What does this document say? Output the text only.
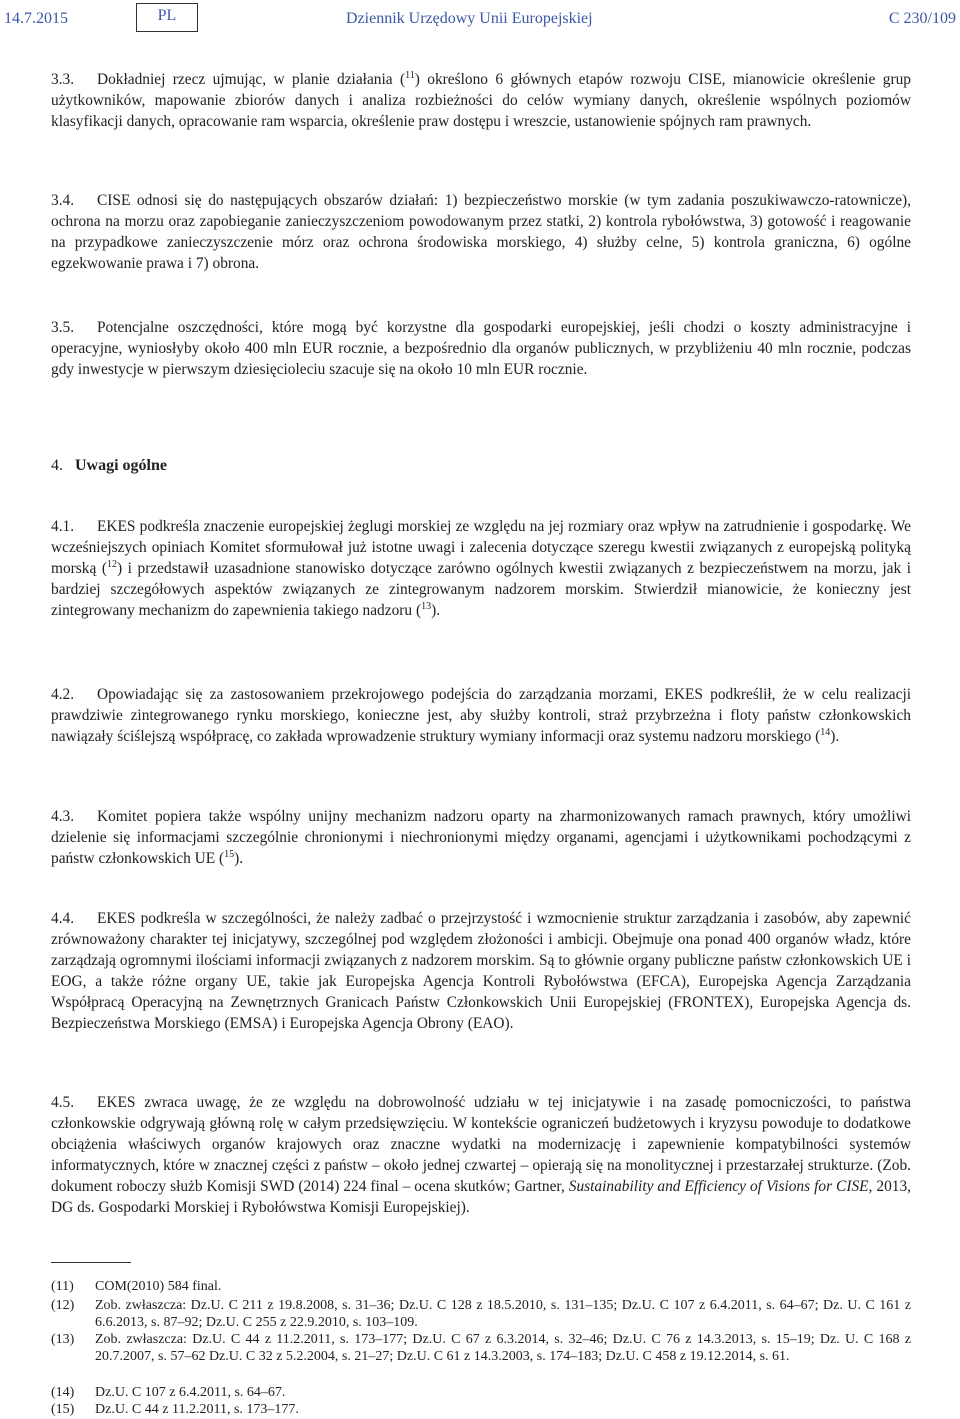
14.7.2015	PL	Dziennik Urzędowy Unii Europejskiej	C 230/109

3.3. Dokładniej rzecz ujmując, w planie działania ($^{11}$) określono 6 głównych etapów rozwoju CISE, mianowicie określenie grup użytkowników, mapowanie zbiorów danych i analiza rozbieżności do celów wymiany danych, określenie wspólnych poziomów klasyfikacji danych, opracowanie ram wsparcia, określenie praw dostępu i wreszcie, ustanowienie spójnych ram prawnych.

3.4. CISE odnosi się do następujących obszarów działań: 1) bezpieczeństwo morskie (w tym zadania poszukiwawczo-ratownicze), ochrona na morzu oraz zapobieganie zanieczyszczeniom powodowanym przez statki, 2) kontrola rybołówstwa, 3) gotowość i reagowanie na przypadkowe zanieczyszczenie mórz oraz ochrona środowiska morskiego, 4) służby celne, 5) kontrola graniczna, 6) ogólne egzekwowanie prawa i 7) obrona.

3.5. Potencjalne oszczędności, które mogą być korzystne dla gospodarki europejskiej, jeśli chodzi o koszty administracyjne i operacyjne, wyniosłyby około 400 mln EUR rocznie, a bezpośrednio dla organów publicznych, w przybliżeniu 40 mln rocznie, podczas gdy inwestycje w pierwszym dziesięcioleciu szacuje się na około 10 mln EUR rocznie.

4. Uwagi ogólne

4.1. EKES podkreśla znaczenie europejskiej żeglugi morskiej ze względu na jej rozmiary oraz wpływ na zatrudnienie i gospodarkę. We wcześniejszych opiniach Komitet sformułował już istotne uwagi i zalecenia dotyczące szeregu kwestii związanych z europejską polityką morską ($^{12}$) i przedstawił uzasadnione stanowisko dotyczące zarówno ogólnych kwestii związanych z bezpieczeństwem na morzu, jak i bardziej szczegółowych aspektów związanych ze zintegrowanym nadzorem morskim. Stwierdził mianowicie, że konieczny jest zintegrowany mechanizm do zapewnienia takiego nadzoru ($^{13}$).

4.2. Opowiadając się za zastosowaniem przekrojowego podejścia do zarządzania morzami, EKES podkreślił, że w celu realizacji prawdziwie zintegrowanego rynku morskiego, konieczne jest, aby służby kontroli, straż przybrzeżna i floty państw członkowskich nawiązały ściślejszą współpracę, co zakłada wprowadzenie struktury wymiany informacji oraz systemu nadzoru morskiego ($^{14}$).

4.3. Komitet popiera także wspólny unijny mechanizm nadzoru oparty na zharmonizowanych ramach prawnych, który umożliwi dzielenie się informacjami szczególnie chronionymi i niechronionymi między organami, agencjami i użytkownikami pochodzącymi z państw członkowskich UE ($^{15}$).

4.4. EKES podkreśla w szczególności, że należy zadbać o przejrzystość i wzmocnienie struktur zarządzania i zasobów, aby zapewnić zrównoważony charakter tej inicjatywy, szczególnej pod względem złożoności i ambicji. Obejmuje ona ponad 400 organów władz, które zarządzają ogromnymi ilościami informacji związanych z nadzorem morskim. Są to głównie organy publiczne państw członkowskich UE i EOG, a także różne organy UE, takie jak Europejska Agencja Kontroli Rybołówstwa (EFCA), Europejska Agencja Zarządzania Współpracą Operacyjną na Zewnętrznych Granicach Państw Członkowskich Unii Europejskiej (FRONTEX), Europejska Agencja ds. Bezpieczeństwa Morskiego (EMSA) i Europejska Agencja Obrony (EAO).

4.5. EKES zwraca uwagę, że ze względu na dobrowolność udziału w tej inicjatywie i na zasadę pomocniczości, to państwa członkowskie odgrywają główną rolę w całym przedsięwzięciu. W kontekście ograniczeń budżetowych i kryzysu powoduje to dodatkowe obciążenia właściwych organów krajowych oraz znaczne wydatki na modernizację i zapewnienie kompatybilności systemów informatycznych, które w znacznej części z państw – około jednej czwartej – opierają się na monolitycznej i przestarzałej strukturze. (Zob. dokument roboczy służb Komisji SWD (2014) 224 final – ocena skutków; Gartner, Sustainability and Efficiency of Visions for CISE, 2013, DG ds. Gospodarki Morskiej i Rybołówstwa Komisji Europejskiej).

(11)	COM(2010) 584 final.
(12)	Zob. zwłaszcza: Dz.U. C 211 z 19.8.2008, s. 31–36; Dz.U. C 128 z 18.5.2010, s. 131–135; Dz.U. C 107 z 6.4.2011, s. 64–67; Dz. U. C 161 z 6.6.2013, s. 87–92; Dz.U. C 255 z 22.9.2010, s. 103–109.
(13)	Zob. zwłaszcza: Dz.U. C 44 z 11.2.2011, s. 173–177; Dz.U. C 67 z 6.3.2014, s. 32–46; Dz.U. C 76 z 14.3.2013, s. 15–19; Dz. U. C 168 z 20.7.2007, s. 57–62 Dz.U. C 32 z 5.2.2004, s. 21–27; Dz.U. C 61 z 14.3.2003, s. 174–183; Dz.U. C 458 z 19.12.2014, s. 61.
(14)	Dz.U. C 107 z 6.4.2011, s. 64–67.
(15)	Dz.U. C 44 z 11.2.2011, s. 173–177.
